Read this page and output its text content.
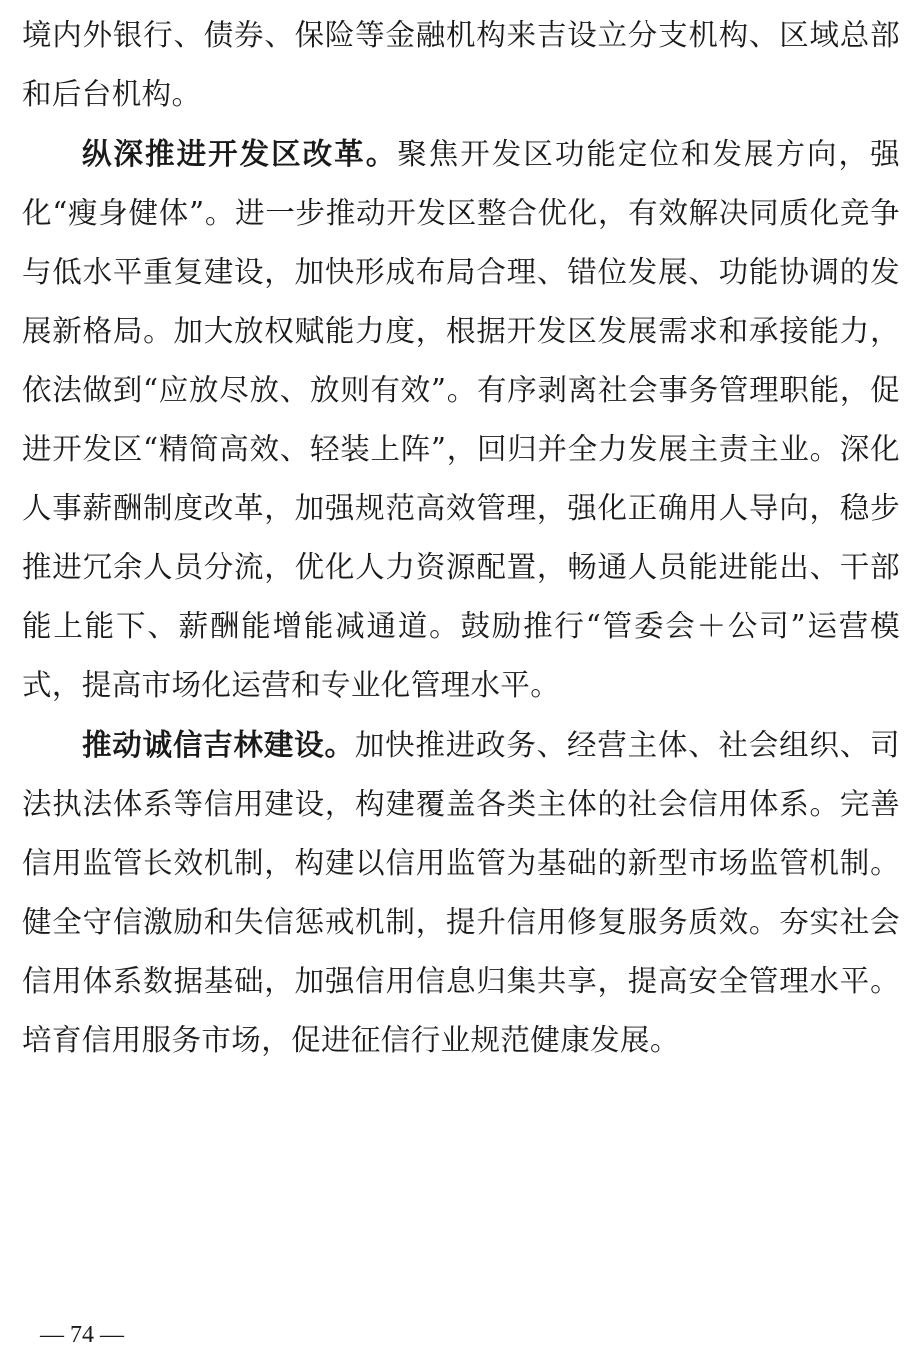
境内外银行、债券、保险等金融机构来吉设立分支机构、区域总部和后台机构。

纵深推进开发区改革。聚焦开发区功能定位和发展方向，强化“瘦身健体”。进一步推动开发区整合优化，有效解决同质化竞争与低水平重复建设，加快形成布局合理、错位发展、功能协调的发展新格局。加大放权赋能力度，根据开发区发展需求和承接能力，依法做到“应放尽放、放则有效”。有序剥离社会事务管理职能，促进开发区“精简高效、轻装上阵”，回归并全力发展主责主业。深化人事薪酬制度改革，加强规范高效管理，强化正确用人导向，稳步推进冗余人员分流，优化人力资源配置，畅通人员能进能出、干部能上能下、薪酬能增能减通道。鼓励推行“管委会＋公司”运营模式，提高市场化运营和专业化管理水平。

推动诚信吉林建设。加快推进政务、经营主体、社会组织、司法执法体系等信用建设，构建覆盖各类主体的社会信用体系。完善信用监管长效机制，构建以信用监管为基础的新型市场监管机制。健全守信激励和失信惩戒机制，提升信用修复服务质效。夯实社会信用体系数据基础，加强信用信息归集共享，提高安全管理水平。培育信用服务市场，促进征信行业规范健康发展。

— 74 —
